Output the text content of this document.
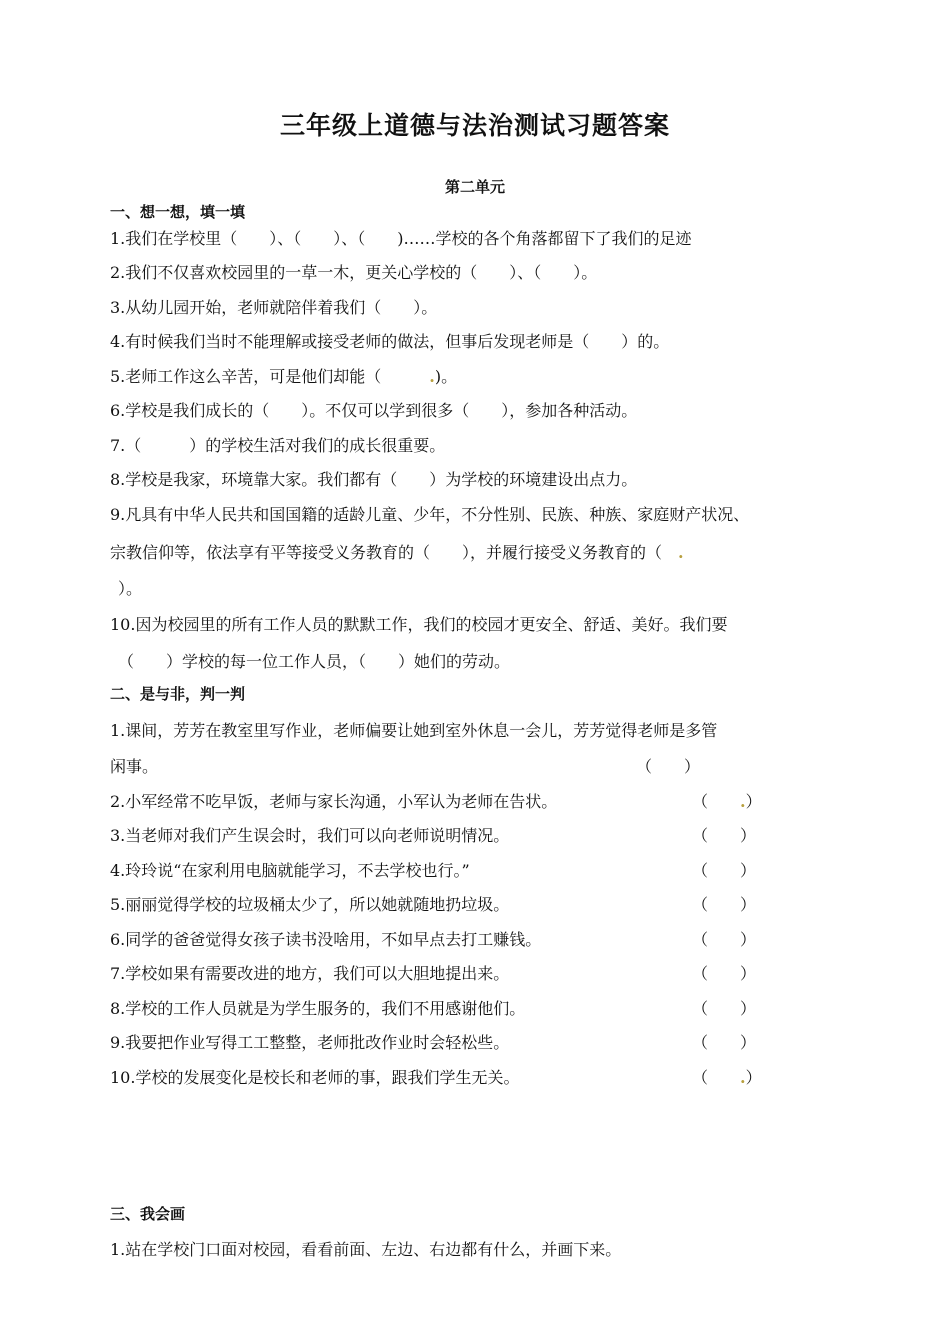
三年级上道德与法治测试习题答案
第二单元
一、想一想，填一填
1.我们在学校里（　　）、（　　）、（　　)……学校的各个角落都留下了我们的足迹
2.我们不仅喜欢校园里的一草一木，更关心学校的（　　）、（　　）。
3.从幼儿园开始，老师就陪伴着我们（　　）。
4.有时候我们当时不能理解或接受老师的做法，但事后发现老师是（　　）的。
5.老师工作这么辛苦，可是他们却能（　　　.)。
6.学校是我们成长的（　　）。不仅可以学到很多（　　），参加各种活动。
7.（　　　）的学校生活对我们的成长很重要。
8.学校是我家，环境靠大家。我们都有（　　）为学校的环境建设出点力。
9.凡具有中华人民共和国国籍的适龄儿童、少年，不分性别、民族、种族、家庭财产状况、
宗教信仰等，依法享有平等接受义务教育的（　　），并履行接受义务教育的（　.
）。
10.因为校园里的所有工作人员的默默工作，我们的校园才更安全、舒适、美好。我们要
（　　）学校的每一位工作人员，（　　）她们的劳动。
二、是与非，判一判
1.课间，芳芳在教室里写作业，老师偏要让她到室外休息一会儿，芳芳觉得老师是多管
闲事。	（　　）
2.小军经常不吃早饭，老师与家长沟通，小军认为老师在告状。	（　　.）
3.当老师对我们产生误会时，我们可以向老师说明情况。	（　　）
4.玲玲说“在家利用电脑就能学习，不去学校也行。”	（　　）
5.丽丽觉得学校的垃圾桶太少了，所以她就随地扔垃圾。	（　　）
6.同学的爸爸觉得女孩子读书没啥用，不如早点去打工赚钱。	（　　）
7.学校如果有需要改进的地方，我们可以大胆地提出来。	（　　）
8.学校的工作人员就是为学生服务的，我们不用感谢他们。	（　　）
9.我要把作业写得工工整整，老师批改作业时会轻松些。	（　　）
10.学校的发展变化是校长和老师的事，跟我们学生无关。	（　　.）
三、我会画
1.站在学校门口面对校园，看看前面、左边、右边都有什么，并画下来。
